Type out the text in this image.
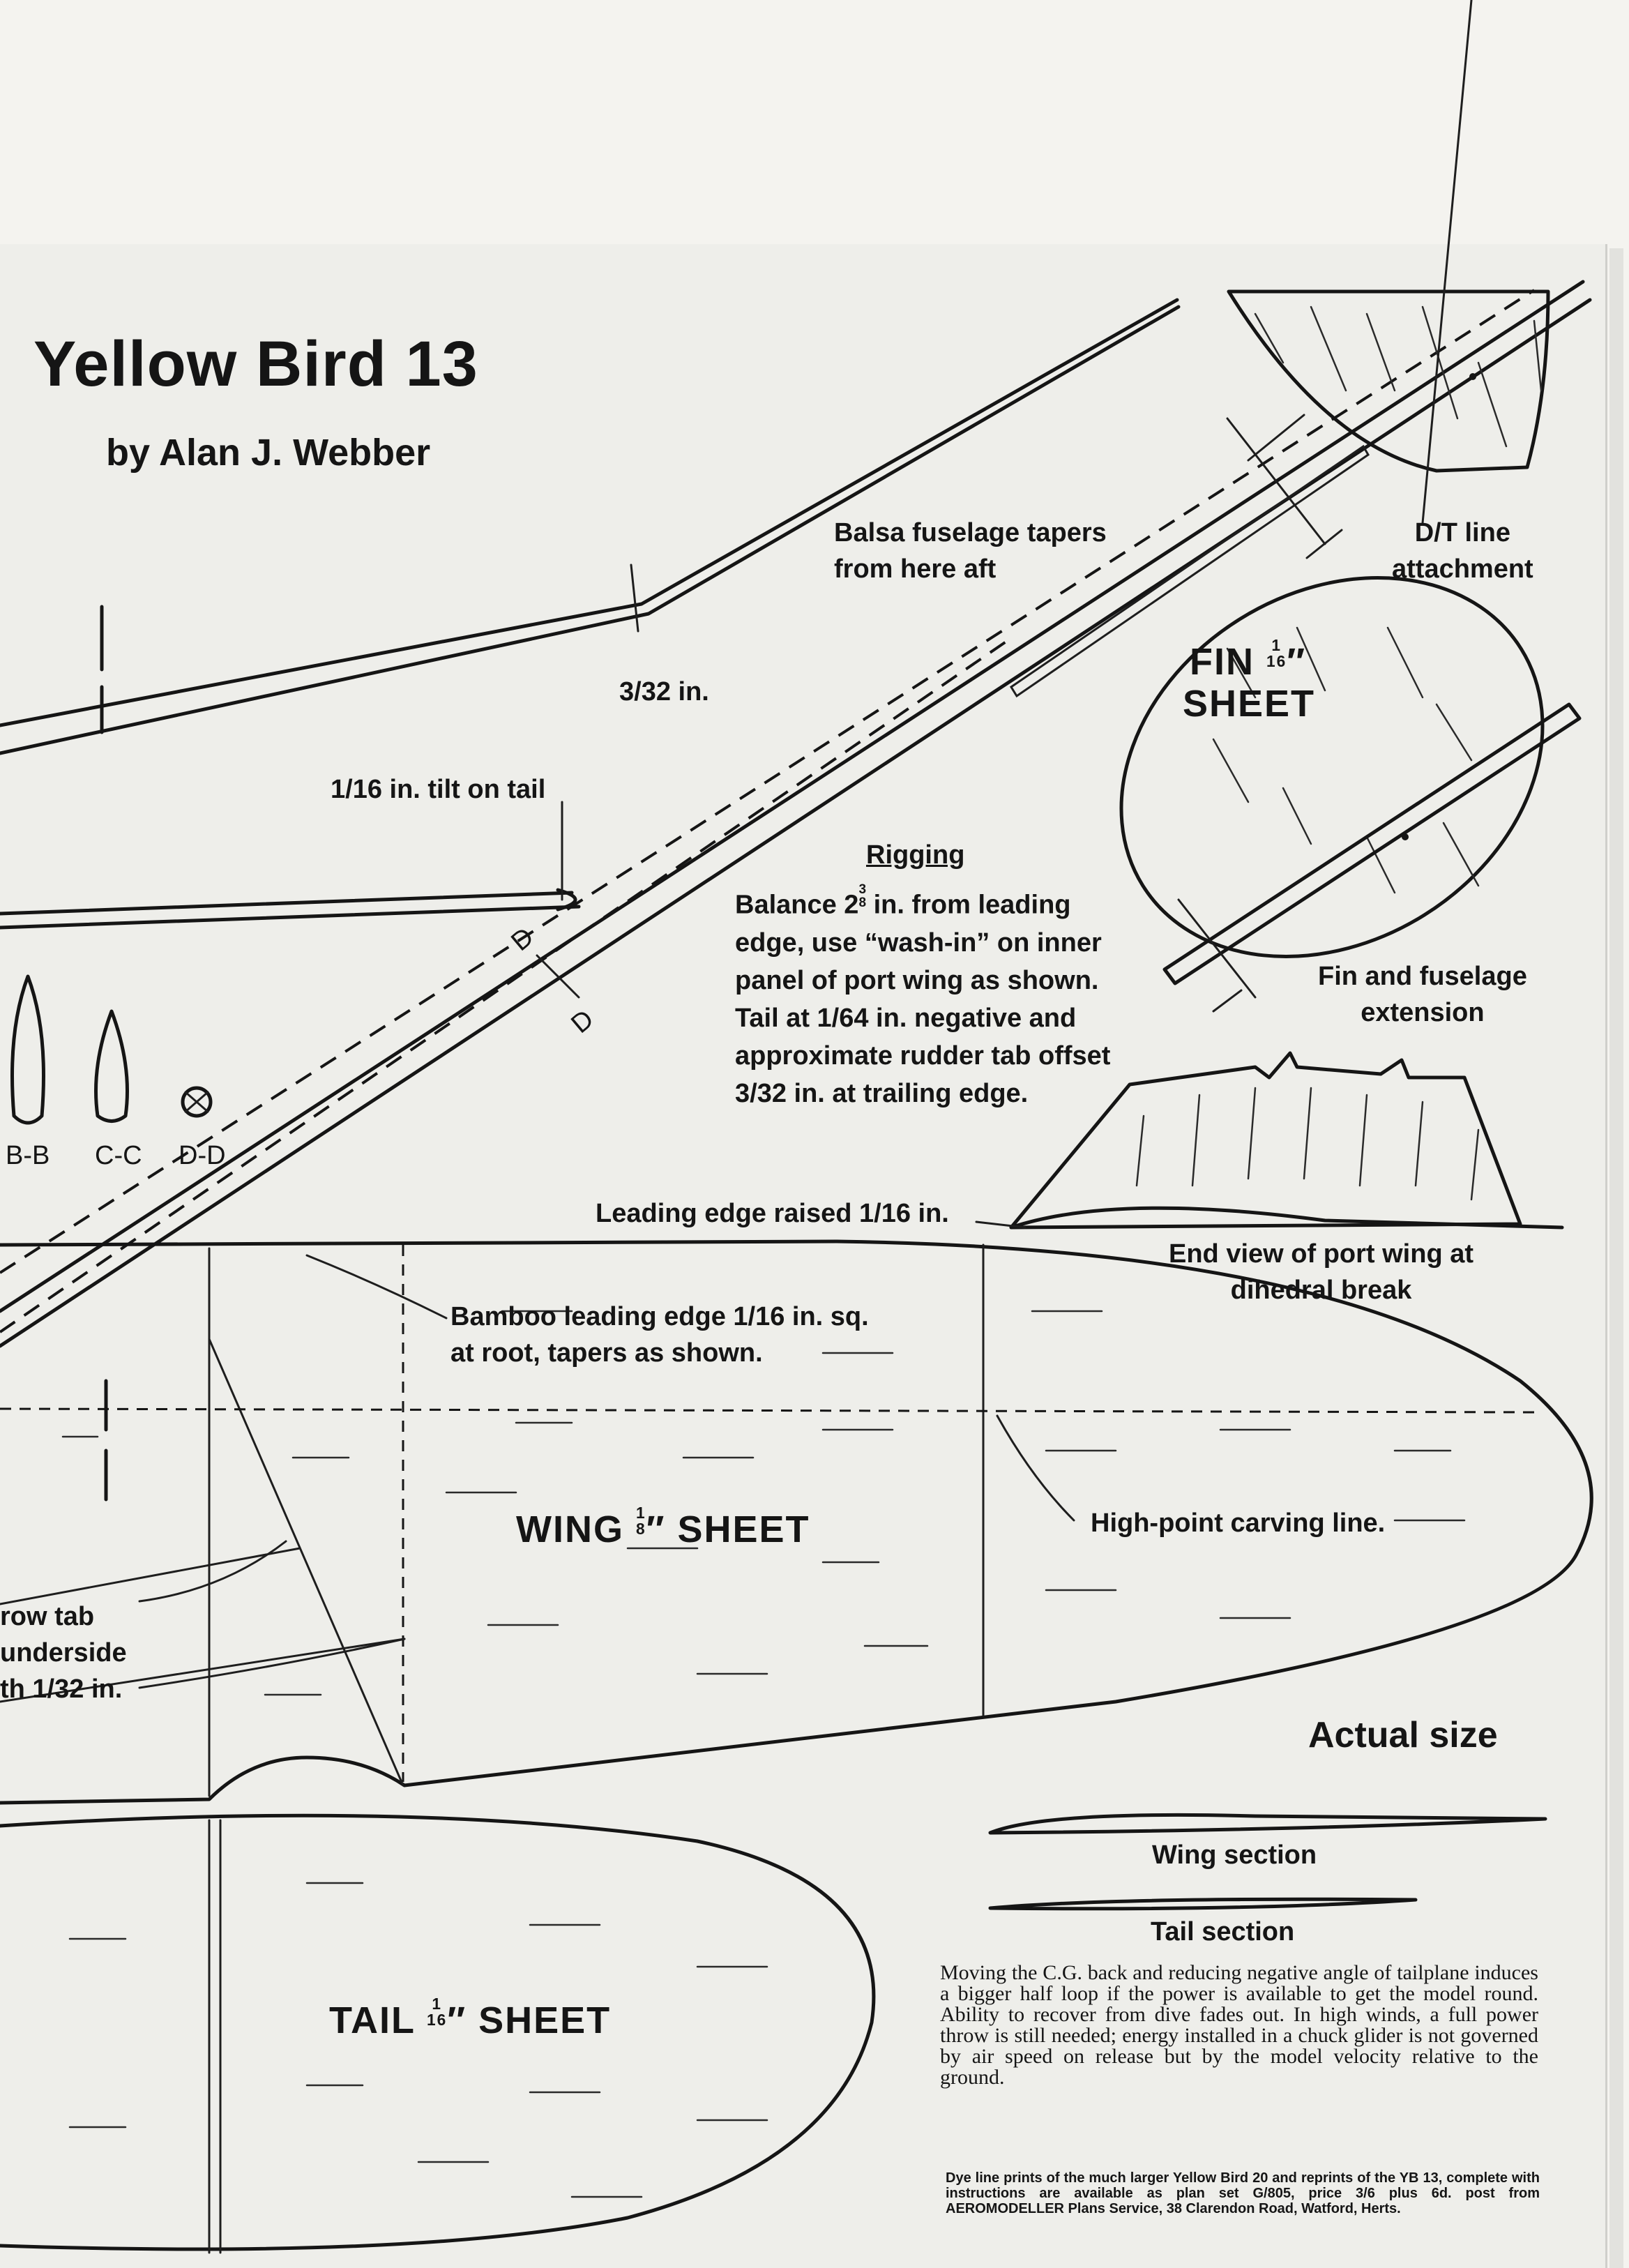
Yellow Bird 13
by Alan J. Webber
Balsa fuselage tapers
from here aft
D/T line
attachment
3/32 in.
1/16 in. tilt on tail
FIN 1
16″
SHEET
Fin and fuselage
extension
Rigging
Balance 23
8 in. from leading
edge, use “wash-in” on inner
panel of port wing as shown.
Tail at 1/64 in. negative and
approximate rudder tab offset
3/32 in. at trailing edge.
Leading edge raised 1/16 in.
End view of port wing at
dihedral break
Bamboo leading edge 1/16 in. sq.
at root, tapers as shown.
WING 1
8″ SHEET	High-point carving line.
row tab
underside
th 1/32 in.
Actual size
Wing section
Tail section
TAIL 1
16″ SHEET
B-B C-C D-D
D
D
Moving the C.G. back and reducing negative angle of tailplane induces a bigger half loop if the power is available to get the model round. Ability to recover from dive fades out. In high winds, a full power throw is still needed; energy installed in a chuck glider is not governed by air speed on release but by the model velocity relative to the ground.
Dye line prints of the much larger Yellow Bird 20 and reprints of the YB 13, complete with instructions are available as plan set G/805, price 3/6 plus 6d. post from AEROMODELLER Plans Service, 38 Clarendon Road, Watford, Herts.
